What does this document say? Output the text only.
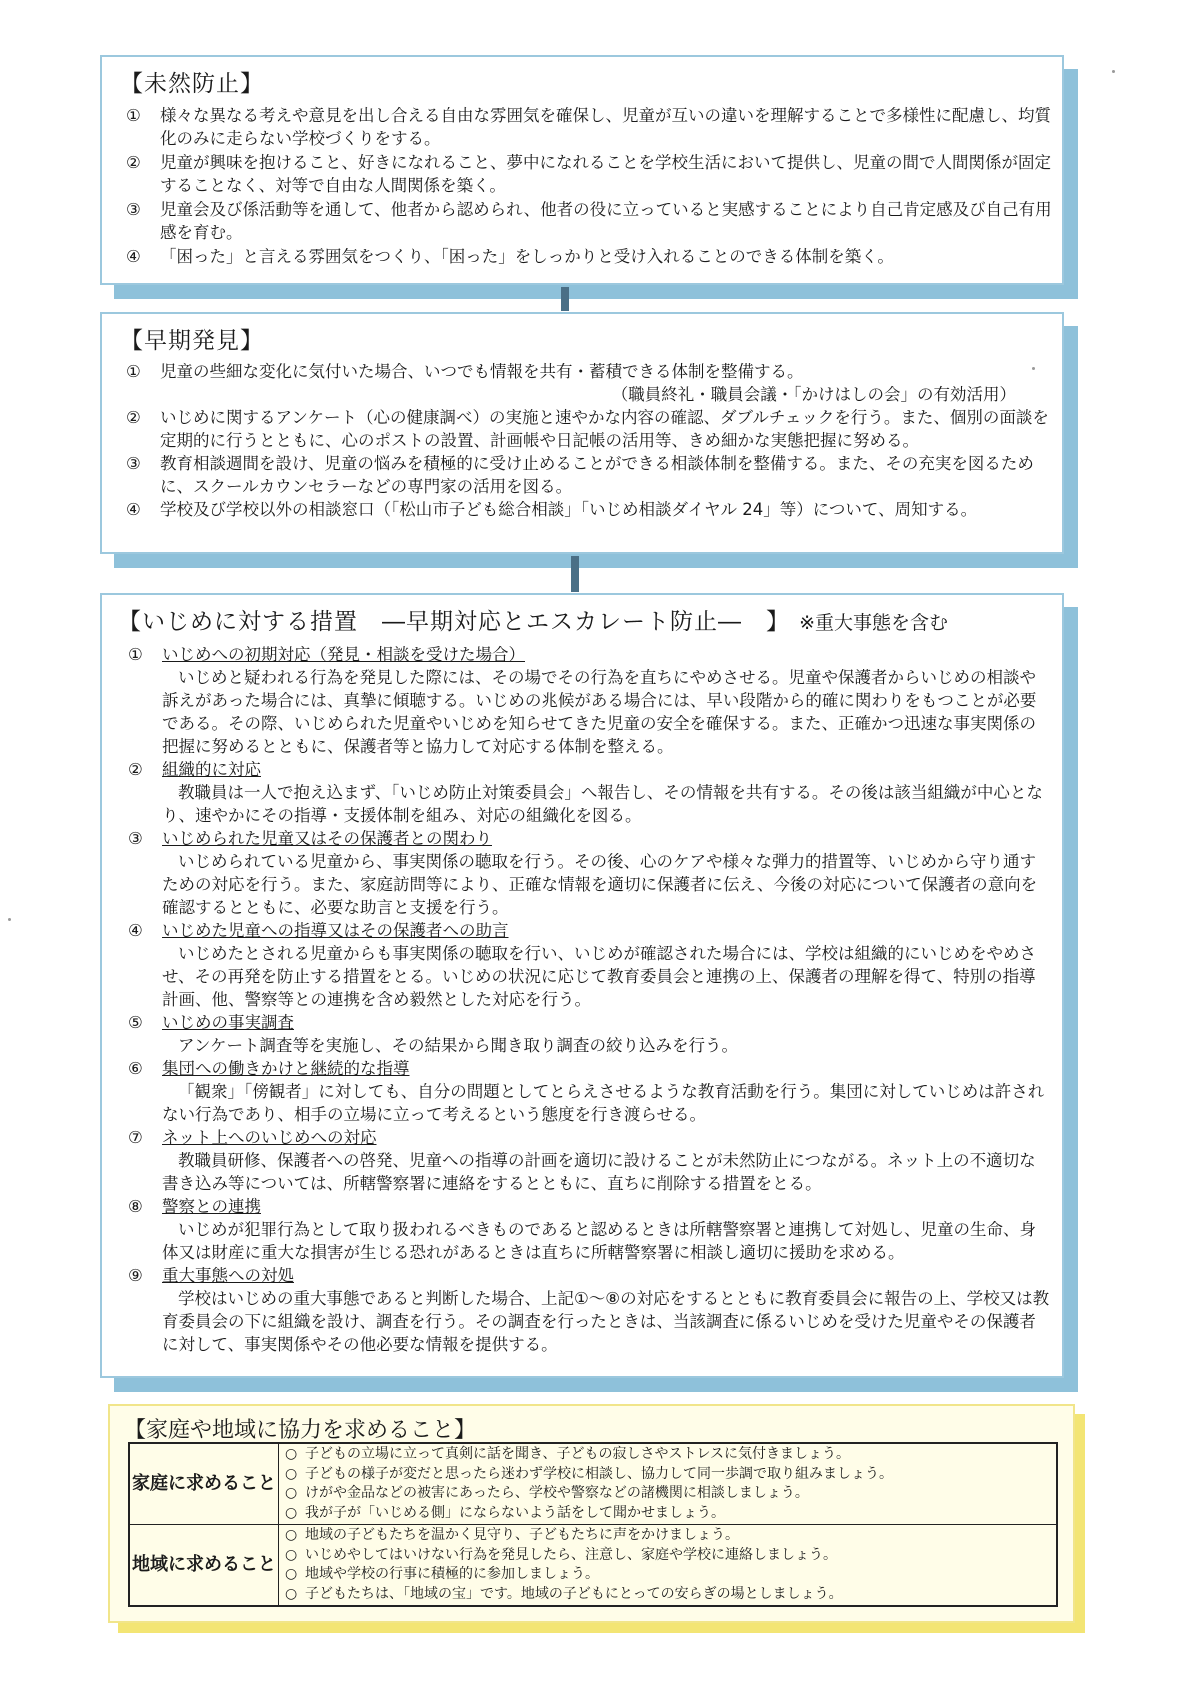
【未然防止】
① 様々な異なる考えや意見を出し合える自由な雰囲気を確保し、児童が互いの違いを理解することで多様性に配慮し、均質化のみに走らない学校づくりをする。
② 児童が興味を抱けること、好きになれること、夢中になれることを学校生活において提供し、児童の間で人間関係が固定することなく、対等で自由な人間関係を築く。
③ 児童会及び係活動等を通して、他者から認められ、他者の役に立っていると実感することにより自己肯定感及び自己有用感を育む。
④ 「困った」と言える雰囲気をつくり、「困った」をしっかりと受け入れることのできる体制を築く。
【早期発見】
① 児童の些細な変化に気付いた場合、いつでも情報を共有・蓄積できる体制を整備する。
（職員終礼・職員会議・「かけはしの会」の有効活用）
② いじめに関するアンケート（心の健康調べ）の実施と速やかな内容の確認、ダブルチェックを行う。また、個別の面談を定期的に行うとともに、心のポストの設置、計画帳や日記帳の活用等、きめ細かな実態把握に努める。
③ 教育相談週間を設け、児童の悩みを積極的に受け止めることができる相談体制を整備する。また、その充実を図るために、スクールカウンセラーなどの専門家の活用を図る。
④ 学校及び学校以外の相談窓口（「松山市子ども総合相談」「いじめ相談ダイヤル 24」等）について、周知する。
【いじめに対する措置　―早期対応とエスカレート防止―　】 ※重大事態を含む
① いじめへの初期対応（発見・相談を受けた場合）
いじめと疑われる行為を発見した際には、その場でその行為を直ちにやめさせる。児童や保護者からいじめの相談や訴えがあった場合には、真摯に傾聴する。いじめの兆候がある場合には、早い段階から的確に関わりをもつことが必要である。その際、いじめられた児童やいじめを知らせてきた児童の安全を確保する。また、正確かつ迅速な事実関係の把握に努めるとともに、保護者等と協力して対応する体制を整える。
② 組織的に対応
教職員は一人で抱え込まず、「いじめ防止対策委員会」へ報告し、その情報を共有する。その後は該当組織が中心となり、速やかにその指導・支援体制を組み、対応の組織化を図る。
③ いじめられた児童又はその保護者との関わり
いじめられている児童から、事実関係の聴取を行う。その後、心のケアや様々な弾力的措置等、いじめから守り通すための対応を行う。また、家庭訪問等により、正確な情報を適切に保護者に伝え、今後の対応について保護者の意向を確認するとともに、必要な助言と支援を行う。
④ いじめた児童への指導又はその保護者への助言
いじめたとされる児童からも事実関係の聴取を行い、いじめが確認された場合には、学校は組織的にいじめをやめさせ、その再発を防止する措置をとる。いじめの状況に応じて教育委員会と連携の上、保護者の理解を得て、特別の指導計画、他、警察等との連携を含め毅然とした対応を行う。
⑤ いじめの事実調査
アンケート調査等を実施し、その結果から聞き取り調査の絞り込みを行う。
⑥ 集団への働きかけと継続的な指導
「観衆」「傍観者」に対しても、自分の問題としてとらえさせるような教育活動を行う。集団に対していじめは許されない行為であり、相手の立場に立って考えるという態度を行き渡らせる。
⑦ ネット上へのいじめへの対応
教職員研修、保護者への啓発、児童への指導の計画を適切に設けることが未然防止につながる。ネット上の不適切な書き込み等については、所轄警察署に連絡をするとともに、直ちに削除する措置をとる。
⑧ 警察との連携
いじめが犯罪行為として取り扱われるべきものであると認めるときは所轄警察署と連携して対処し、児童の生命、身体又は財産に重大な損害が生じる恐れがあるときは直ちに所轄警察署に相談し適切に援助を求める。
⑨ 重大事態への対処
学校はいじめの重大事態であると判断した場合、上記①～⑧の対応をするとともに教育委員会に報告の上、学校又は教育委員会の下に組織を設け、調査を行う。その調査を行ったときは、当該調査に係るいじめを受けた児童やその保護者に対して、事実関係やその他必要な情報を提供する。
【家庭や地域に協力を求めること】
家庭に求めること	○ 子どもの立場に立って真剣に話を聞き、子どもの寂しさやストレスに気付きましょう。
○ 子どもの様子が変だと思ったら迷わず学校に相談し、協力して同一歩調で取り組みましょう。
○ けがや金品などの被害にあったら、学校や警察などの諸機関に相談しましょう。
○ 我が子が「いじめる側」にならないよう話をして聞かせましょう。

地域に求めること	○ 地域の子どもたちを温かく見守り、子どもたちに声をかけましょう。
○ いじめやしてはいけない行為を発見したら、注意し、家庭や学校に連絡しましょう。
○ 地域や学校の行事に積極的に参加しましょう。
○ 子どもたちは、「地域の宝」です。地域の子どもにとっての安らぎの場としましょう。
